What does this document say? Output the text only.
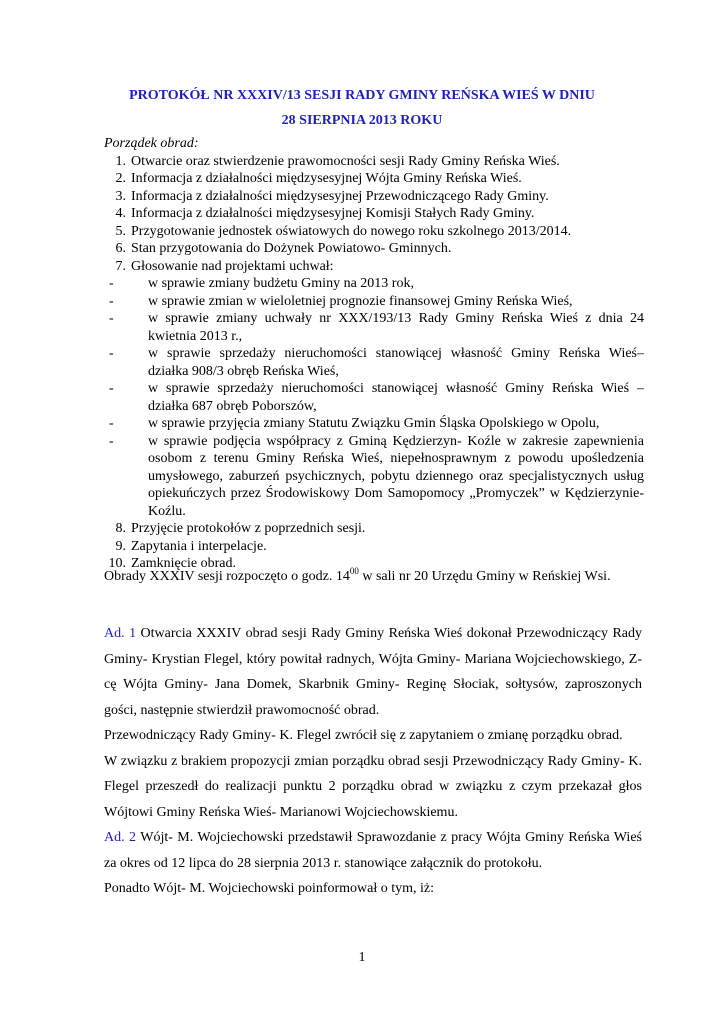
PROTOKÓŁ NR XXXIV/13 SESJI RADY GMINY REŃSKA WIEŚ W DNIU
28 SIERPNIA 2013 ROKU
Porządek obrad:
1. Otwarcie oraz stwierdzenie prawomocności sesji Rady Gminy Reńska Wieś.
2. Informacja z działalności międzysesyjnej Wójta Gminy Reńska Wieś.
3. Informacja z działalności międzysesyjnej Przewodniczącego Rady Gminy.
4. Informacja z działalności międzysesyjnej Komisji Stałych Rady Gminy.
5. Przygotowanie jednostek oświatowych do nowego roku szkolnego 2013/2014.
6. Stan przygotowania do Dożynek Powiatowo- Gminnych.
7. Głosowanie nad projektami uchwał:
-	w sprawie zmiany budżetu Gminy na 2013 rok,
-	w sprawie zmian w wieloletniej prognozie finansowej Gminy Reńska Wieś,
-	w sprawie zmiany uchwały nr XXX/193/13 Rady Gminy Reńska Wieś z dnia 24 kwietnia 2013 r.,
-	w sprawie sprzedaży nieruchomości stanowiącej własność Gminy Reńska Wieś– działka 908/3 obręb Reńska Wieś,
-	w sprawie sprzedaży nieruchomości stanowiącej własność Gminy Reńska Wieś – działka 687 obręb Poborszów,
-	w sprawie przyjęcia zmiany Statutu Związku Gmin Śląska Opolskiego w Opolu,
-	w sprawie podjęcia współpracy z Gminą Kędzierzyn- Koźle w zakresie zapewnienia osobom z terenu Gminy Reńska Wieś, niepełnosprawnym z powodu upośledzenia umysłowego, zaburzeń psychicznych, pobytu dziennego oraz specjalistycznych usług opiekuńczych przez Środowiskowy Dom Samopomocy „Promyczek” w Kędzierzynie- Koźlu.
8. Przyjęcie protokołów z poprzednich sesji.
9. Zapytania i interpelacje.
10. Zamknięcie obrad.
Obrady XXXIV sesji rozpoczęto o godz. $14^{00}$ w sali nr 20 Urzędu Gminy w Reńskiej Wsi.

Ad. 1 Otwarcia XXXIV obrad sesji Rady Gminy Reńska Wieś dokonał Przewodniczący Rady Gminy- Krystian Flegel, który powitał radnych, Wójta Gminy- Mariana Wojciechowskiego, Z-cę Wójta Gminy- Jana Domek, Skarbnik Gminy- Reginę Słociak, sołtysów, zaproszonych gości, następnie stwierdził prawomocność obrad.

Przewodniczący Rady Gminy- K. Flegel zwrócił się z zapytaniem o zmianę porządku obrad.

W związku z brakiem propozycji zmian porządku obrad sesji Przewodniczący Rady Gminy- K. Flegel przeszedł do realizacji punktu 2 porządku obrad w związku z czym przekazał głos Wójtowi Gminy Reńska Wieś- Marianowi Wojciechowskiemu.

Ad. 2 Wójt- M. Wojciechowski przedstawił Sprawozdanie z pracy Wójta Gminy Reńska Wieś za okres od 12 lipca do 28 sierpnia 2013 r. stanowiące załącznik do protokołu.

Ponadto Wójt- M. Wojciechowski poinformował o tym, iż:

1
